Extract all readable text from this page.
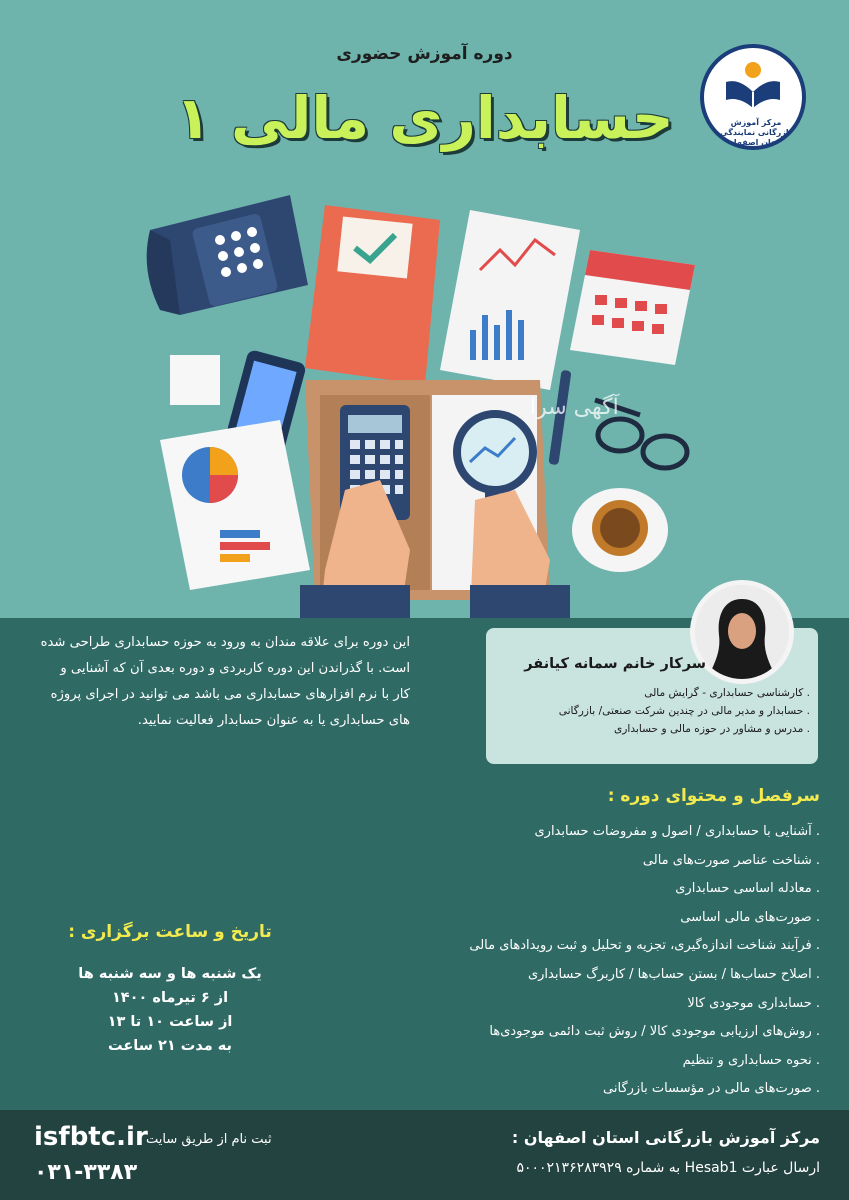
دوره آموزش حضوری
حسابداری مالی ۱	مرکز آموزش بازرگانی نمایندگی استان اصفهان
آگهی سرا

این دوره برای علاقه مندان به ورود به حوزه حسابداری طراحی شده است. با گذراندن این دوره کاربردی و دوره بعدی آن که آشنایی و کار با نرم افزارهای حسابداری می باشد می توانید در اجرای پروژه های حسابداری یا به عنوان حسابدار فعالیت نمایید.

سرکار خانم سمانه کیانفر
. کارشناسی حسابداری - گرایش مالی
. حسابدار و مدیر مالی در چندین شرکت صنعتی/ بازرگانی
. مدرس و مشاور در حوزه مالی و حسابداری
سرفصل و محتوای دوره :
. آشنایی با حسابداری / اصول و مفروضات حسابداری
. شناخت عناصر صورت‌های مالی
. معادله اساسی حسابداری
. صورت‌های مالی اساسی
. فرآیند شناخت اندازه‌گیری، تجزیه و تحلیل و ثبت رویدادهای مالی
. اصلاح حساب‌ها / بستن حساب‌ها / کاربرگ حسابداری
. حسابداری موجودی کالا
. روش‌های ارزیابی موجودی کالا / روش ثبت دائمی موجودی‌ها
. نحوه حسابداری و تنظیم
. صورت‌های مالی در مؤسسات بازرگانی
تاریخ و ساعت برگزاری :
یک شنبه ها و سه شنبه ها
از ۶ تیرماه ۱۴۰۰
از ساعت ۱۰ تا ۱۳
به مدت ۲۱ ساعت
isfbtc.ir
ثبت نام از طریق سایت
۰۳۱-۳۳۸۳
مرکز آموزش بازرگانی استان اصفهان :
ارسال عبارت Hesab1 به شماره ۵۰۰۰۲۱۳۶۲۸۳۹۲۹
